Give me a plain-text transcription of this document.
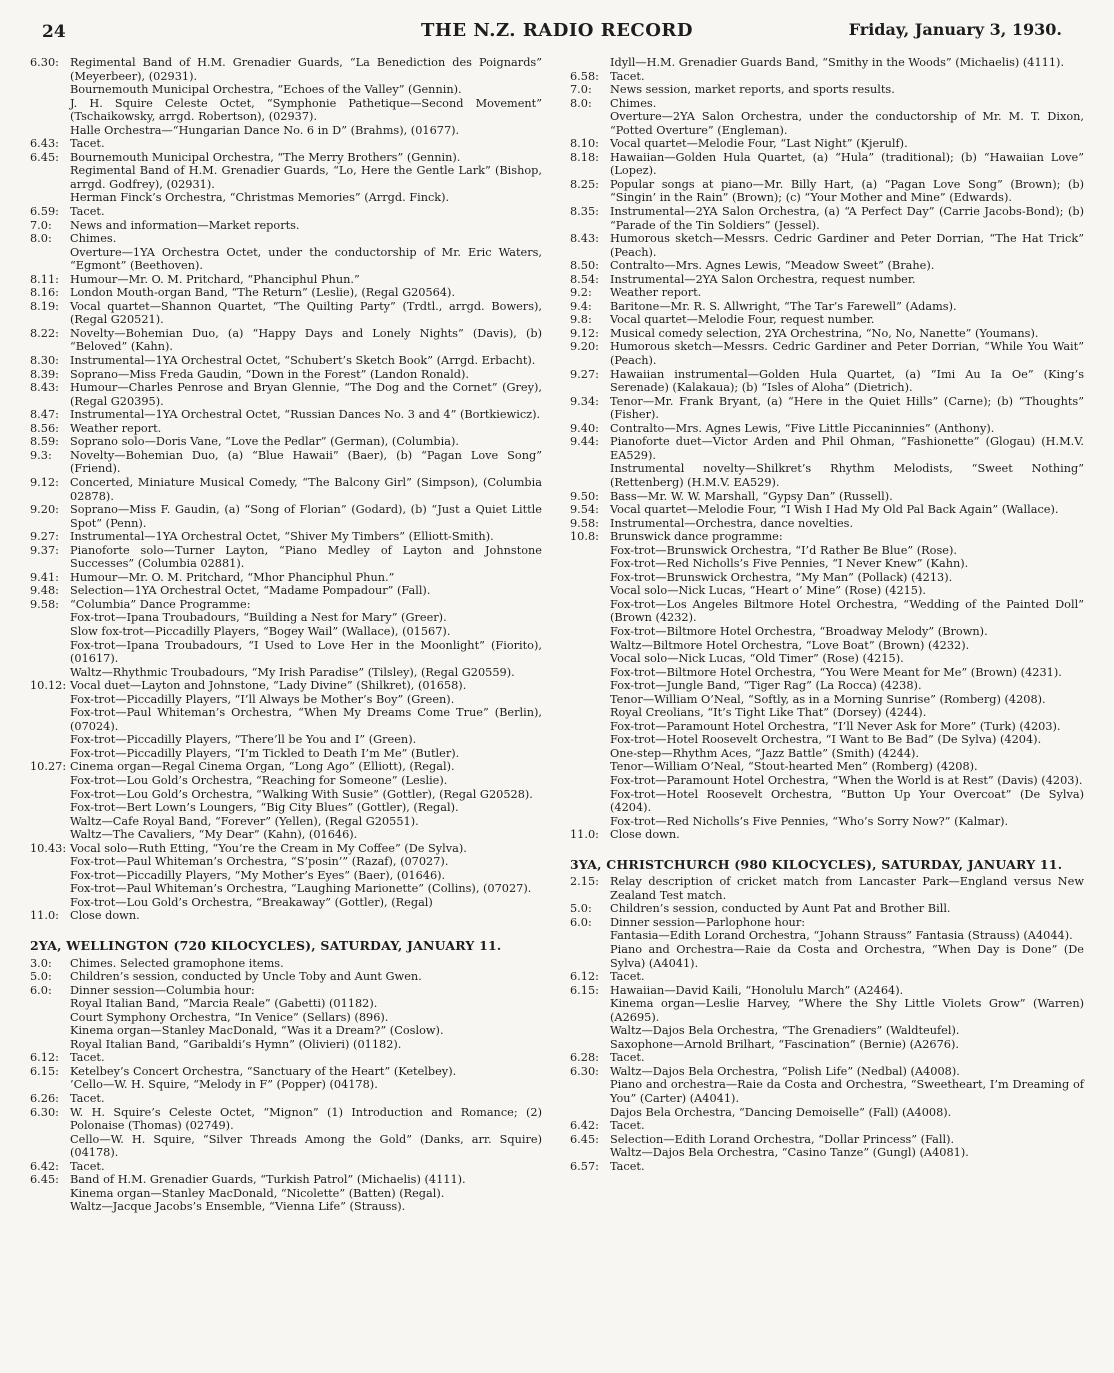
24	THE N.Z. RADIO RECORD	Friday, January 3, 1930.
6.30: Regimental Band of H.M. Grenadier Guards, “La Benediction des Poignards” (Meyerbeer), (02931).
Bournemouth Municipal Orchestra, “Echoes of the Valley” (Gennin).
J. H. Squire Celeste Octet, “Symphonie Pathetique—Second Movement” (Tschaikowsky, arrgd. Robertson), (02937).
Halle Orchestra—“Hungarian Dance No. 6 in D” (Brahms), (01677).
6.43: Tacet.
6.45: Bournemouth Municipal Orchestra, “The Merry Brothers” (Gennin).
Regimental Band of H.M. Grenadier Guards, “Lo, Here the Gentle Lark” (Bishop, arrgd. Godfrey), (02931).
Herman Finck’s Orchestra, “Christmas Memories” (Arrgd. Finck).
6.59: Tacet.
7.0: News and information—Market reports.
8.0: Chimes.
Overture—1YA Orchestra Octet, under the conductorship of Mr. Eric Waters, “Egmont” (Beethoven).
8.11: Humour—Mr. O. M. Pritchard, “Phanciphul Phun.”
8.16: London Mouth-organ Band, “The Return” (Leslie), (Regal G20564).
8.19: Vocal quartet—Shannon Quartet, “The Quilting Party” (Trdtl., arrgd. Bowers), (Regal G20521).
8.22: Novelty—Bohemian Duo, (a) “Happy Days and Lonely Nights” (Davis), (b) “Beloved” (Kahn).
8.30: Instrumental—1YA Orchestral Octet, “Schubert’s Sketch Book” (Arrgd. Erbacht).
8.39: Soprano—Miss Freda Gaudin, “Down in the Forest” (Landon Ronald).
8.43: Humour—Charles Penrose and Bryan Glennie, “The Dog and the Cornet” (Grey), (Regal G20395).
8.47: Instrumental—1YA Orchestral Octet, “Russian Dances No. 3 and 4” (Bortkiewicz).
8.56: Weather report.
8.59: Soprano solo—Doris Vane, “Love the Pedlar” (German), (Columbia).
9.3: Novelty—Bohemian Duo, (a) “Blue Hawaii” (Baer), (b) “Pagan Love Song” (Friend).
9.12: Concerted, Miniature Musical Comedy, “The Balcony Girl” (Simpson), (Columbia 02878).
9.20: Soprano—Miss F. Gaudin, (a) “Song of Florian” (Godard), (b) “Just a Quiet Little Spot” (Penn).
9.27: Instrumental—1YA Orchestral Octet, “Shiver My Timbers” (Elliott-Smith).
9.37: Pianoforte solo—Turner Layton, “Piano Medley of Layton and Johnstone Successes” (Columbia 02881).
9.41: Humour—Mr. O. M. Pritchard, “Mhor Phanciphul Phun.”
9.48: Selection—1YA Orchestral Octet, “Madame Pompadour” (Fall).
9.58: “Columbia” Dance Programme:
Fox-trot—Ipana Troubadours, “Building a Nest for Mary” (Greer).
Slow fox-trot—Piccadilly Players, “Bogey Wail” (Wallace), (01567).
Fox-trot—Ipana Troubadours, “I Used to Love Her in the Moonlight” (Fiorito), (01617).
Waltz—Rhythmic Troubadours, “My Irish Paradise” (Tilsley), (Regal G20559).
10.12: Vocal duet—Layton and Johnstone, “Lady Divine” (Shilkret), (01658).
Fox-trot—Piccadilly Players, “I’ll Always be Mother’s Boy” (Green).
Fox-trot—Paul Whiteman’s Orchestra, “When My Dreams Come True” (Berlin), (07024).
Fox-trot—Piccadilly Players, “There’ll be You and I” (Green).
Fox-trot—Piccadilly Players, “I’m Tickled to Death I’m Me” (Butler).
10.27: Cinema organ—Regal Cinema Organ, “Long Ago” (Elliott), (Regal).
Fox-trot—Lou Gold’s Orchestra, “Reaching for Someone” (Leslie).
Fox-trot—Lou Gold’s Orchestra, “Walking With Susie” (Gottler), (Regal G20528).
Fox-trot—Bert Lown’s Loungers, “Big City Blues” (Gottler), (Regal).
Waltz—Cafe Royal Band, “Forever” (Yellen), (Regal G20551).
Waltz—The Cavaliers, “My Dear” (Kahn), (01646).
10.43: Vocal solo—Ruth Etting, “You’re the Cream in My Coffee” (De Sylva).
Fox-trot—Paul Whiteman’s Orchestra, “S’posin’” (Razaf), (07027).
Fox-trot—Piccadilly Players, “My Mother’s Eyes” (Baer), (01646).
Fox-trot—Paul Whiteman’s Orchestra, “Laughing Marionette” (Collins), (07027).
Fox-trot—Lou Gold’s Orchestra, “Breakaway” (Gottler), (Regal)
11.0: Close down.
2YA, WELLINGTON (720 KILOCYCLES), SATURDAY, JANUARY 11.
3.0: Chimes. Selected gramophone items.
5.0: Children’s session, conducted by Uncle Toby and Aunt Gwen.
6.0: Dinner session—Columbia hour:
Royal Italian Band, “Marcia Reale” (Gabetti) (01182).
Court Symphony Orchestra, “In Venice” (Sellars) (896).
Kinema organ—Stanley MacDonald, “Was it a Dream?” (Coslow).
Royal Italian Band, “Garibaldi’s Hymn” (Olivieri) (01182).
6.12: Tacet.
6.15: Ketelbey’s Concert Orchestra, “Sanctuary of the Heart” (Ketelbey).
’Cello—W. H. Squire, “Melody in F” (Popper) (04178).
6.26: Tacet.
6.30: W. H. Squire’s Celeste Octet, “Mignon” (1) Introduction and Romance; (2) Polonaise (Thomas) (02749).
Cello—W. H. Squire, “Silver Threads Among the Gold” (Danks, arr. Squire) (04178).
6.42: Tacet.
6.45: Band of H.M. Grenadier Guards, “Turkish Patrol” (Michaelis) (4111).
Kinema organ—Stanley MacDonald, “Nicolette” (Batten) (Regal).
Waltz—Jacque Jacobs’s Ensemble, “Vienna Life” (Strauss).
Idyll—H.M. Grenadier Guards Band, “Smithy in the Woods” (Michaelis) (4111).
6.58: Tacet.
7.0: News session, market reports, and sports results.
8.0: Chimes.
Overture—2YA Salon Orchestra, under the conductorship of Mr. M. T. Dixon, “Potted Overture” (Engleman).
8.10: Vocal quartet—Melodie Four, “Last Night” (Kjerulf).
8.18: Hawaiian—Golden Hula Quartet, (a) “Hula” (traditional); (b) “Hawaiian Love” (Lopez).
8.25: Popular songs at piano—Mr. Billy Hart, (a) “Pagan Love Song” (Brown); (b) “Singin’ in the Rain” (Brown); (c) “Your Mother and Mine” (Edwards).
8.35: Instrumental—2YA Salon Orchestra, (a) “A Perfect Day” (Carrie Jacobs-Bond); (b) “Parade of the Tin Soldiers” (Jessel).
8.43: Humorous sketch—Messrs. Cedric Gardiner and Peter Dorrian, “The Hat Trick” (Peach).
8.50: Contralto—Mrs. Agnes Lewis, “Meadow Sweet” (Brahe).
8.54: Instrumental—2YA Salon Orchestra, request number.
9.2: Weather report.
9.4: Baritone—Mr. R. S. Allwright, “The Tar’s Farewell” (Adams).
9.8: Vocal quartet—Melodie Four, request number.
9.12: Musical comedy selection, 2YA Orchestrina, “No, No, Nanette” (Youmans).
9.20: Humorous sketch—Messrs. Cedric Gardiner and Peter Dorrian, “While You Wait” (Peach).
9.27: Hawaiian instrumental—Golden Hula Quartet, (a) “Imi Au Ia Oe” (King’s Serenade) (Kalakaua); (b) “Isles of Aloha” (Dietrich).
9.34: Tenor—Mr. Frank Bryant, (a) “Here in the Quiet Hills” (Carne); (b) “Thoughts” (Fisher).
9.40: Contralto—Mrs. Agnes Lewis, “Five Little Piccaninnies” (Anthony).
9.44: Pianoforte duet—Victor Arden and Phil Ohman, “Fashionette” (Glogau) (H.M.V. EA529).
Instrumental novelty—Shilkret’s Rhythm Melodists, “Sweet Nothing” (Rettenberg) (H.M.V. EA529).
9.50: Bass—Mr. W. W. Marshall, “Gypsy Dan” (Russell).
9.54: Vocal quartet—Melodie Four, “I Wish I Had My Old Pal Back Again” (Wallace).
9.58: Instrumental—Orchestra, dance novelties.
10.8: Brunswick dance programme:
Fox-trot—Brunswick Orchestra, “I’d Rather Be Blue” (Rose).
Fox-trot—Red Nicholls’s Five Pennies, “I Never Knew” (Kahn).
Fox-trot—Brunswick Orchestra, “My Man” (Pollack) (4213).
Vocal solo—Nick Lucas, “Heart o’ Mine” (Rose) (4215).
Fox-trot—Los Angeles Biltmore Hotel Orchestra, “Wedding of the Painted Doll” (Brown (4232).
Fox-trot—Biltmore Hotel Orchestra, “Broadway Melody” (Brown).
Waltz—Biltmore Hotel Orchestra, “Love Boat” (Brown) (4232).
Vocal solo—Nick Lucas, “Old Timer” (Rose) (4215).
Fox-trot—Biltmore Hotel Orchestra, “You Were Meant for Me” (Brown) (4231).
Fox-trot—Jungle Band, “Tiger Rag” (La Rocca) (4238).
Tenor—William O’Neal, “Softly, as in a Morning Sunrise” (Romberg) (4208).
Royal Creolians, “It’s Tight Like That” (Dorsey) (4244).
Fox-trot—Paramount Hotel Orchestra, “I’ll Never Ask for More” (Turk) (4203).
Fox-trot—Hotel Roosevelt Orchestra, “I Want to Be Bad” (De Sylva) (4204).
One-step—Rhythm Aces, “Jazz Battle” (Smith) (4244).
Tenor—William O’Neal, “Stout-hearted Men” (Romberg) (4208).
Fox-trot—Paramount Hotel Orchestra, “When the World is at Rest” (Davis) (4203).
Fox-trot—Hotel Roosevelt Orchestra, “Button Up Your Overcoat” (De Sylva) (4204).
Fox-trot—Red Nicholls’s Five Pennies, “Who’s Sorry Now?” (Kalmar).
11.0: Close down.
3YA, CHRISTCHURCH (980 KILOCYCLES), SATURDAY, JANUARY 11.
2.15: Relay description of cricket match from Lancaster Park—England versus New Zealand Test match.
5.0: Children’s session, conducted by Aunt Pat and Brother Bill.
6.0: Dinner session—Parlophone hour:
Fantasia—Edith Lorand Orchestra, “Johann Strauss” Fantasia (Strauss) (A4044).
Piano and Orchestra—Raie da Costa and Orchestra, “When Day is Done” (De Sylva) (A4041).
6.12: Tacet.
6.15: Hawaiian—David Kaili, “Honolulu March” (A2464).
Kinema organ—Leslie Harvey, “Where the Shy Little Violets Grow” (Warren) (A2695).
Waltz—Dajos Bela Orchestra, “The Grenadiers” (Waldteufel).
Saxophone—Arnold Brilhart, “Fascination” (Bernie) (A2676).
6.28: Tacet.
6.30: Waltz—Dajos Bela Orchestra, “Polish Life” (Nedbal) (A4008).
Piano and orchestra—Raie da Costa and Orchestra, “Sweetheart, I’m Dreaming of You” (Carter) (A4041).
Dajos Bela Orchestra, “Dancing Demoiselle” (Fall) (A4008).
6.42: Tacet.
6.45: Selection—Edith Lorand Orchestra, “Dollar Princess” (Fall).
Waltz—Dajos Bela Orchestra, “Casino Tanze” (Gungl) (A4081).
6.57: Tacet.
